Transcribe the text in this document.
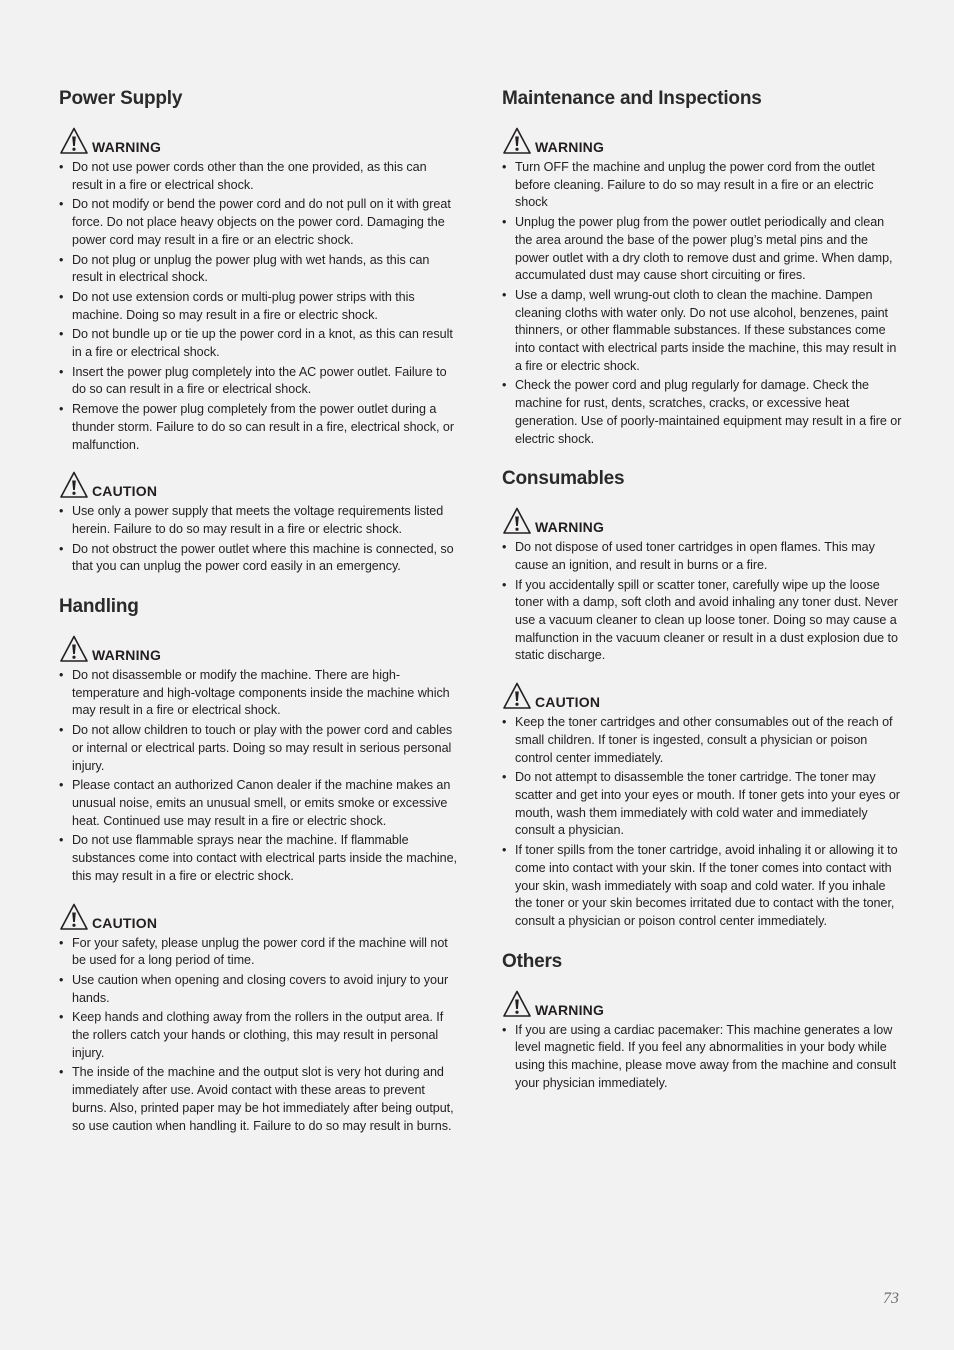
Power Supply
WARNING
• Do not use power cords other than the one provided, as this can result in a fire or electrical shock.
• Do not modify or bend the power cord and do not pull on it with great force. Do not place heavy objects on the power cord. Damaging the power cord may result in a fire or an electric shock.
• Do not plug or unplug the power plug with wet hands, as this can result in electrical shock.
• Do not use extension cords or multi-plug power strips with this machine. Doing so may result in a fire or electric shock.
• Do not bundle up or tie up the power cord in a knot, as this can result in a fire or electrical shock.
• Insert the power plug completely into the AC power outlet. Failure to do so can result in a fire or electrical shock.
• Remove the power plug completely from the power outlet during a thunder storm. Failure to do so can result in a fire, electrical shock, or malfunction.
CAUTION
• Use only a power supply that meets the voltage requirements listed herein. Failure to do so may result in a fire or electric shock.
• Do not obstruct the power outlet where this machine is connected, so that you can unplug the power cord easily in an emergency.
Handling
WARNING
• Do not disassemble or modify the machine. There are high-temperature and high-voltage components inside the machine which may result in a fire or electrical shock.
• Do not allow children to touch or play with the power cord and cables or internal or electrical parts. Doing so may result in serious personal injury.
• Please contact an authorized Canon dealer if the machine makes an unusual noise, emits an unusual smell, or emits smoke or excessive heat. Continued use may result in a fire or electric shock.
• Do not use flammable sprays near the machine. If flammable substances come into contact with electrical parts inside the machine, this may result in a fire or electric shock.
CAUTION
• For your safety, please unplug the power cord if the machine will not be used for a long period of time.
• Use caution when opening and closing covers to avoid injury to your hands.
• Keep hands and clothing away from the rollers in the output area. If the rollers catch your hands or clothing, this may result in personal injury.
• The inside of the machine and the output slot is very hot during and immediately after use. Avoid contact with these areas to prevent burns. Also, printed paper may be hot immediately after being output, so use caution when handling it. Failure to do so may result in burns.
Maintenance and Inspections
WARNING
• Turn OFF the machine and unplug the power cord from the outlet before cleaning. Failure to do so may result in a fire or an electric shock
• Unplug the power plug from the power outlet periodically and clean the area around the base of the power plug’s metal pins and the power outlet with a dry cloth to remove dust and grime. When damp, accumulated dust may cause short circuiting or fires.
• Use a damp, well wrung-out cloth to clean the machine. Dampen cleaning cloths with water only. Do not use alcohol, benzenes, paint thinners, or other flammable substances. If these substances come into contact with electrical parts inside the machine, this may result in a fire or electric shock.
• Check the power cord and plug regularly for damage. Check the machine for rust, dents, scratches, cracks, or excessive heat generation. Use of poorly-maintained equipment may result in a fire or electric shock.
Consumables
WARNING
• Do not dispose of used toner cartridges in open flames. This may cause an ignition, and result in burns or a fire.
• If you accidentally spill or scatter toner, carefully wipe up the loose toner with a damp, soft cloth and avoid inhaling any toner dust. Never use a vacuum cleaner to clean up loose toner. Doing so may cause a malfunction in the vacuum cleaner or result in a dust explosion due to static discharge.
CAUTION
• Keep the toner cartridges and other consumables out of the reach of small children. If toner is ingested, consult a physician or poison control center immediately.
• Do not attempt to disassemble the toner cartridge. The toner may scatter and get into your eyes or mouth. If toner gets into your eyes or mouth, wash them immediately with cold water and immediately consult a physician.
• If toner spills from the toner cartridge, avoid inhaling it or allowing it to come into contact with your skin. If the toner comes into contact with your skin, wash immediately with soap and cold water. If you inhale the toner or your skin becomes irritated due to contact with the toner, consult a physician or poison control center immediately.
Others
WARNING
• If you are using a cardiac pacemaker: This machine generates a low level magnetic field. If you feel any abnormalities in your body while using this machine, please move away from the machine and consult your physician immediately.
73
